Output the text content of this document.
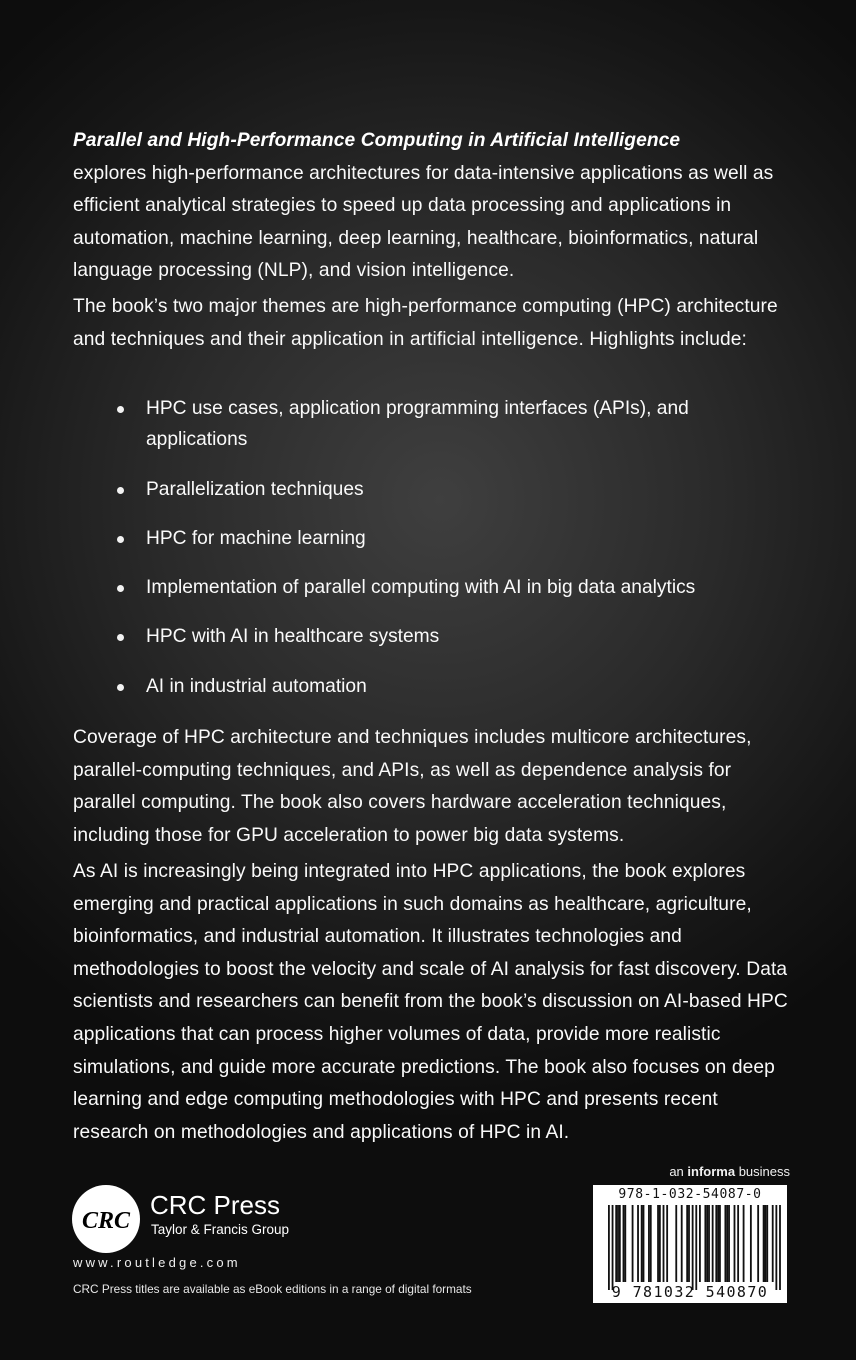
Parallel and High-Performance Computing in Artificial Intelligence
explores high-performance architectures for data-intensive applications as well as efficient analytical strategies to speed up data processing and applications in automation, machine learning, deep learning, healthcare, bioinformatics, natural language processing (NLP), and vision intelligence.
The book’s two major themes are high-performance computing (HPC) architecture and techniques and their application in artificial intelligence. Highlights include:
HPC use cases, application programming interfaces (APIs), and applications
Parallelization techniques
HPC for machine learning
Implementation of parallel computing with AI in big data analytics
HPC with AI in healthcare systems
AI in industrial automation
Coverage of HPC architecture and techniques includes multicore architectures, parallel-computing techniques, and APIs, as well as dependence analysis for parallel computing. The book also covers hardware acceleration techniques, including those for GPU acceleration to power big data systems.
As AI is increasingly being integrated into HPC applications, the book explores emerging and practical applications in such domains as healthcare, agriculture, bioinformatics, and industrial automation. It illustrates technologies and methodologies to boost the velocity and scale of AI analysis for fast discovery. Data scientists and researchers can benefit from the book’s discussion on AI-based HPC applications that can process higher volumes of data, provide more realistic simulations, and guide more accurate predictions. The book also focuses on deep learning and edge computing methodologies with HPC and presents recent research on methodologies and applications of HPC in AI.
CRC
CRC Press
Taylor & Francis Group
www.routledge.com
CRC Press titles are available as eBook editions in a range of digital formats
an informa business
978-1-032-54087-0
9 781032 540870
